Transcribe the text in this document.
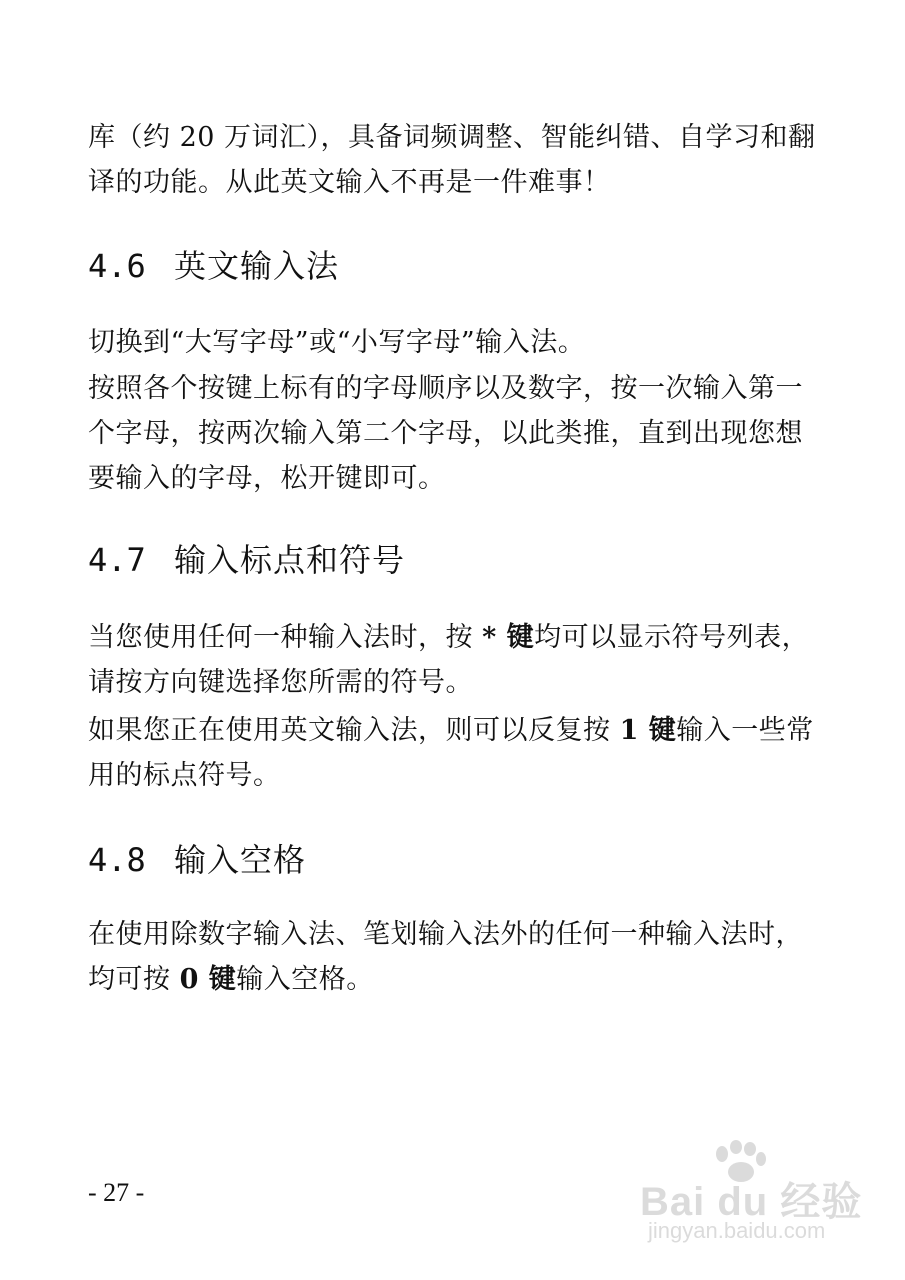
库（约 20 万词汇），具备词频调整、智能纠错、自学习和翻
译的功能。从此英文输入不再是一件难事！
4.6 英文输入法
切换到“大写字母”或“小写字母”输入法。
按照各个按键上标有的字母顺序以及数字，按一次输入第一
个字母，按两次输入第二个字母，以此类推，直到出现您想
要输入的字母，松开键即可。
4.7 输入标点和符号
当您使用任何一种输入法时，按 * 键均可以显示符号列表，
请按方向键选择您所需的符号。
如果您正在使用英文输入法，则可以反复按 1 键输入一些常
用的标点符号。
4.8 输入空格
在使用除数字输入法、笔划输入法外的任何一种输入法时，
均可按 0 键输入空格。
- 27 -	Bai du 经验
jingyan.baidu.com
